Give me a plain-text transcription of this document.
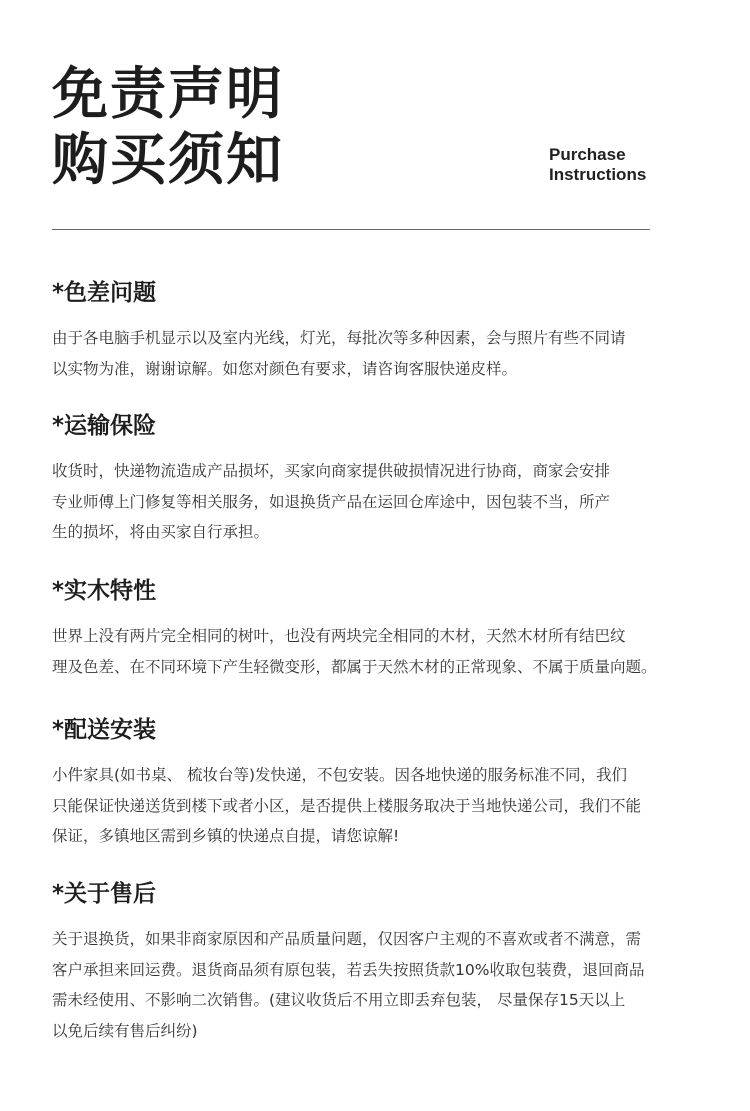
免责声明
购买须知	Purchase
Instructions
*色差问题

由于各电脑手机显示以及室内光线，灯光，每批次等多种因素，会与照片有些不同请
以实物为准，谢谢谅解。如您对颜色有要求，请咨询客服快递皮样。

*运输保险

收货时，快递物流造成产品损坏，买家向商家提供破损情况进行协商，商家会安排
专业师傅上门修复等相关服务，如退换货产品在运回仓库途中，因包装不当，所产
生的损坏，将由买家自行承担。

*实木特性

世界上没有两片完全相同的树叶，也没有两块完全相同的木材，天然木材所有结巴纹
理及色差、在不同环境下产生轻微变形，都属于天然木材的正常现象、不属于质量向题。

*配送安装

小件家具(如书桌、 梳妆台等)发快递，不包安装。因各地快递的服务标准不同，我们
只能保证快递送货到楼下或者小区，是否提供上楼服务取决于当地快递公司，我们不能
保证，多镇地区需到乡镇的快递点自提，请您谅解!

*关于售后

关于退换货，如果非商家原因和产品质量问题，仅因客户主观的不喜欢或者不满意，需
客户承担来回运费。退货商品须有原包装，若丢失按照货款10%收取包装费，退回商品
需未经使用、不影响二次销售。(建议收货后不用立即丢弃包装， 尽量保存15天以上
以免后续有售后纠纷)
